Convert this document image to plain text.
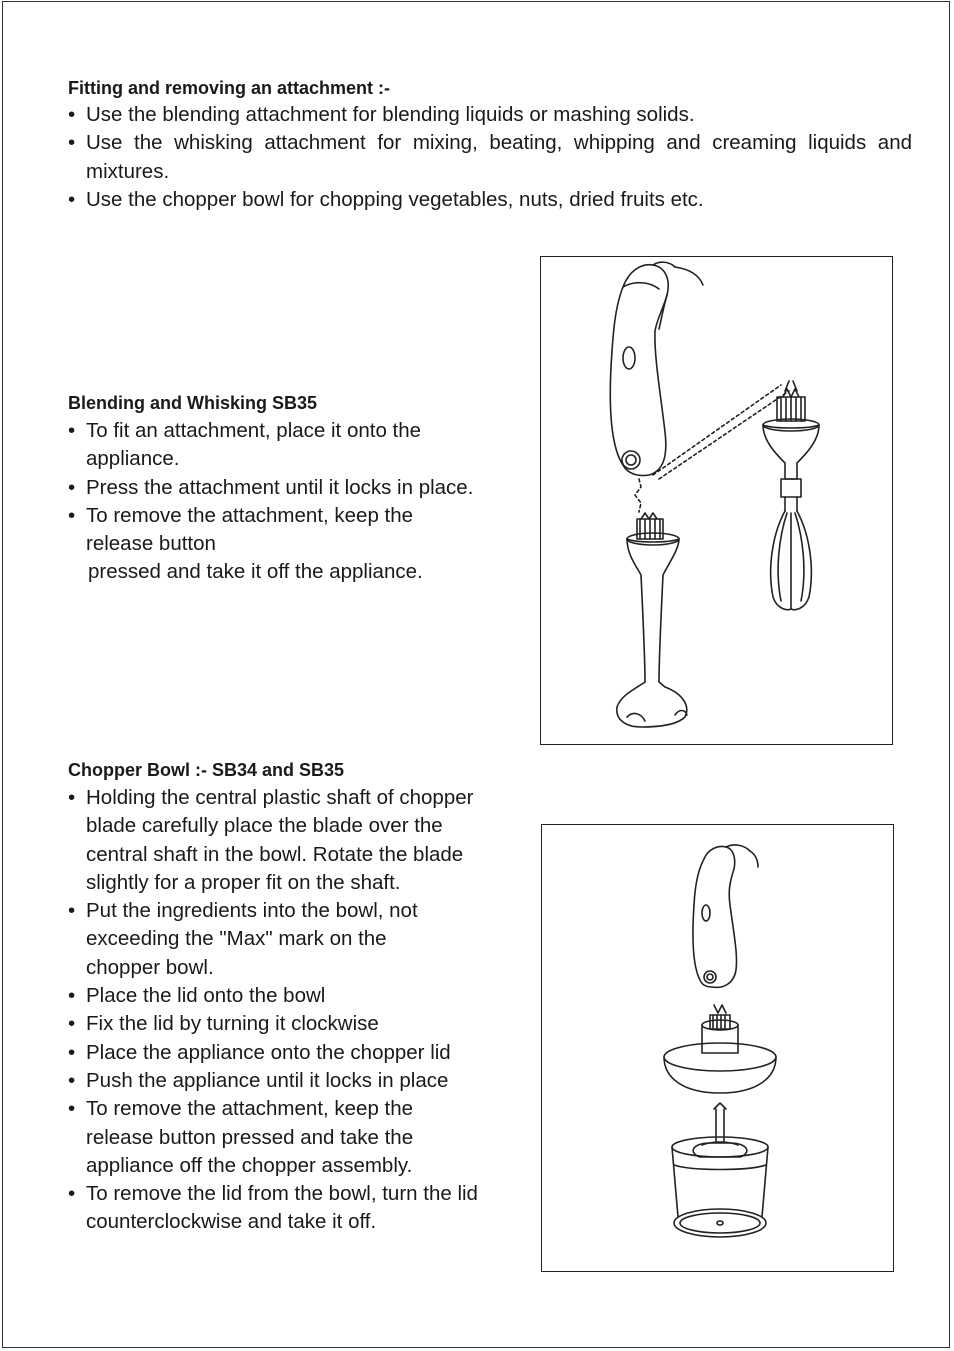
Fitting and removing an attachment :-
• Use the blending attachment for blending liquids or mashing solids.
• Use the whisking attachment for mixing, beating, whipping and creaming liquids and mixtures.
• Use the chopper bowl for chopping vegetables, nuts, dried fruits etc.
Blending and Whisking SB35
• To fit an attachment, place it onto the appliance.
• Press the attachment until it locks in place.
• To remove the attachment, keep the release button
pressed and take it off the appliance.
Chopper Bowl :- SB34 and SB35
• Holding the central plastic shaft of chopper blade carefully place the blade over the central shaft in the bowl. Rotate the blade slightly for a proper fit on the shaft.
• Put the ingredients into the bowl, not exceeding the "Max" mark on the chopper bowl.
• Place the lid onto the bowl
• Fix the lid by turning it clockwise
• Place the appliance onto the chopper lid
• Push the appliance until it locks in place
• To remove the attachment, keep the release button pressed and take the appliance off the chopper assembly.
• To remove the lid from the bowl, turn the lid counterclockwise and take it off.
